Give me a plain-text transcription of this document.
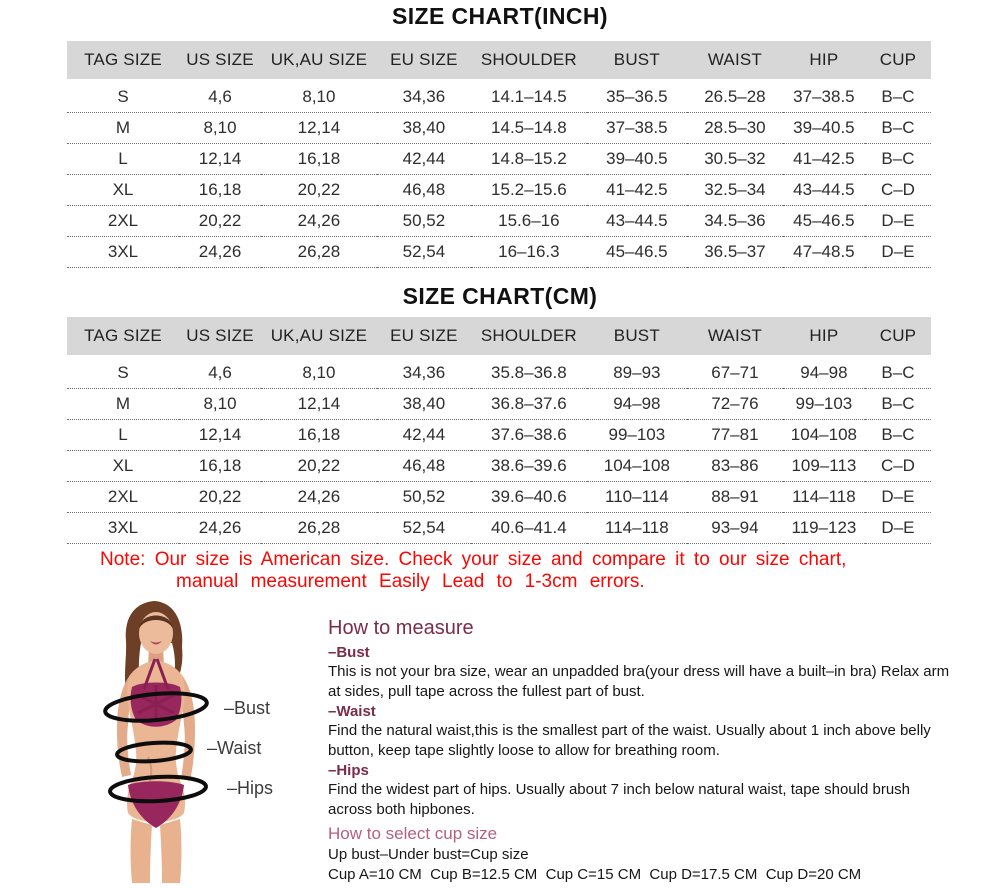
SIZE CHART(INCH)
TAG SIZE	US SIZE	UK,AU SIZE	EU SIZE	SHOULDER	BUST	WAIST	HIP	CUP
S	4,6	8,10	34,36	14.1–14.5	35–36.5	26.5–28	37–38.5	B–C
M	8,10	12,14	38,40	14.5–14.8	37–38.5	28.5–30	39–40.5	B–C
L	12,14	16,18	42,44	14.8–15.2	39–40.5	30.5–32	41–42.5	B–C
XL	16,18	20,22	46,48	15.2–15.6	41–42.5	32.5–34	43–44.5	C–D
2XL	20,22	24,26	50,52	15.6–16	43–44.5	34.5–36	45–46.5	D–E
3XL	24,26	26,28	52,54	16–16.3	45–46.5	36.5–37	47–48.5	D–E
SIZE CHART(CM)
TAG SIZE	US SIZE	UK,AU SIZE	EU SIZE	SHOULDER	BUST	WAIST	HIP	CUP
S	4,6	8,10	34,36	35.8–36.8	89–93	67–71	94–98	B–C
M	8,10	12,14	38,40	36.8–37.6	94–98	72–76	99–103	B–C
L	12,14	16,18	42,44	37.6–38.6	99–103	77–81	104–108	B–C
XL	16,18	20,22	46,48	38.6–39.6	104–108	83–86	109–113	C–D
2XL	20,22	24,26	50,52	39.6–40.6	110–114	88–91	114–118	D–E
3XL	24,26	26,28	52,54	40.6–41.4	114–118	93–94	119–123	D–E
Note: Our size is American size. Check your size and compare it to our size chart,
manual measurement Easily Lead to 1-3cm errors.
–Bust
–Waist
–Hips
How to measure
–Bust
This is not your bra size, wear an unpadded bra(your dress will have a built–in bra) Relax arm at sides, pull tape across the fullest part of bust.
–Waist
Find the natural waist,this is the smallest part of the waist. Usually about 1 inch above belly button, keep tape slightly loose to allow for breathing room.
–Hips
Find the widest part of hips. Usually about 7 inch below natural waist, tape should brush across both hipbones.
How to select cup size
Up bust–Under bust=Cup size
Cup A=10 CM  Cup B=12.5 CM  Cup C=15 CM  Cup D=17.5 CM  Cup D=20 CM
